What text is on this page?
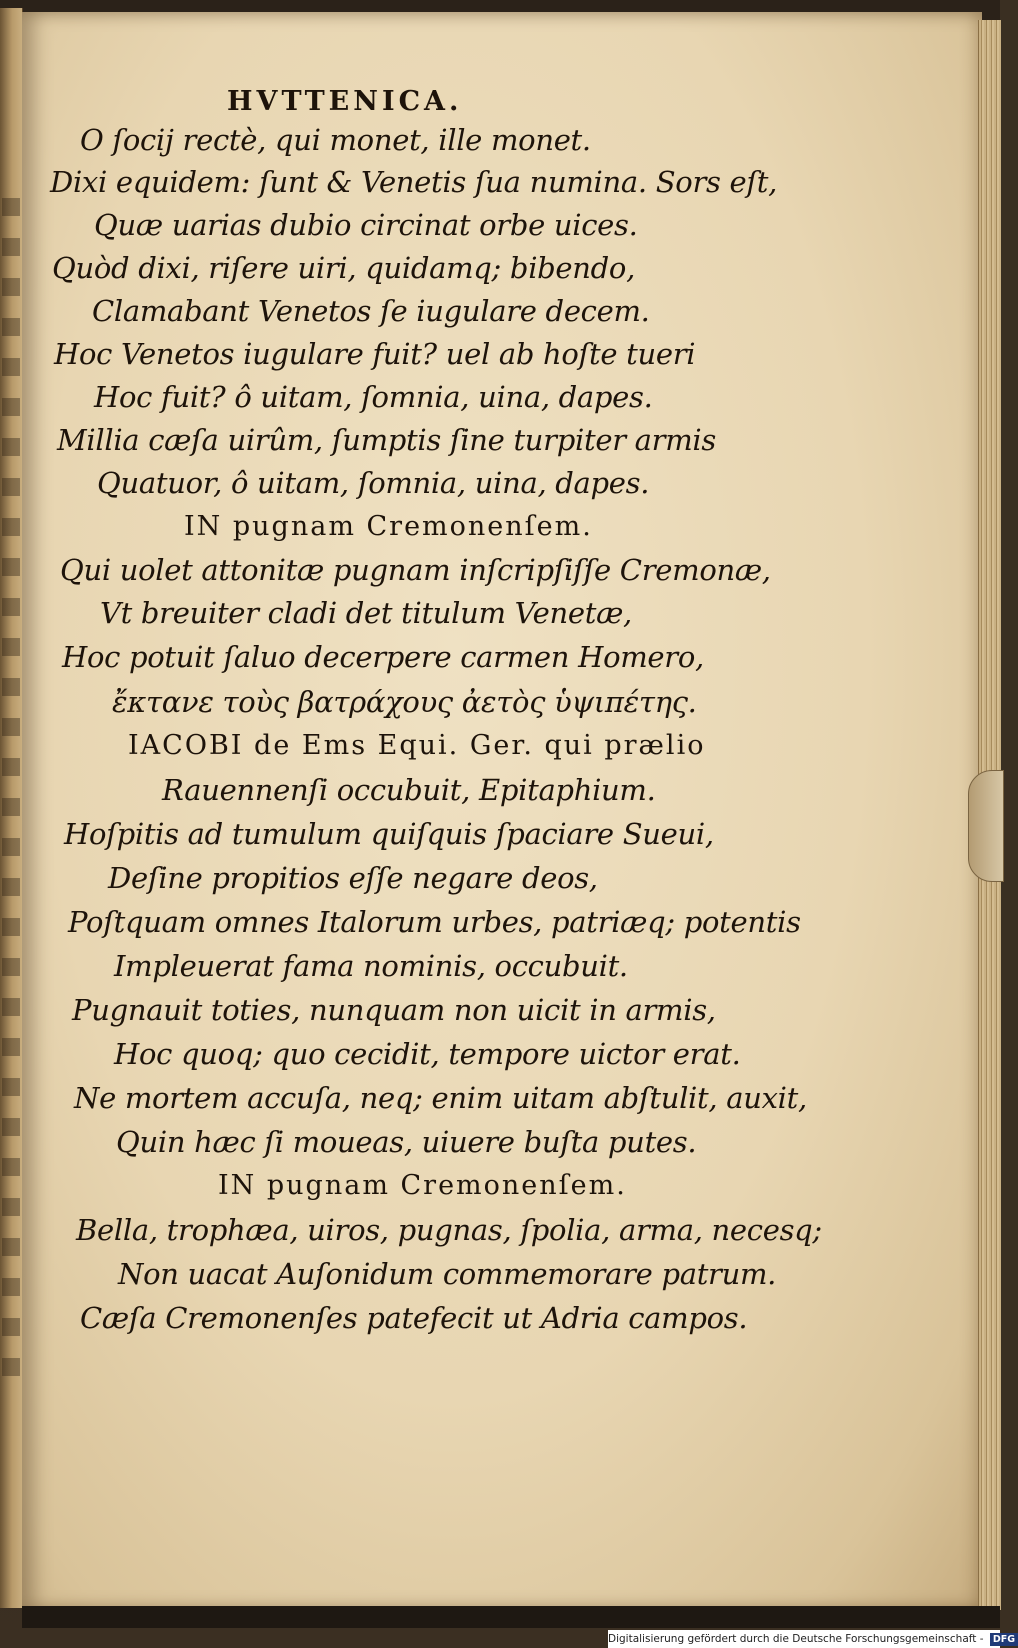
HVTTENICA.
O ſocij rectè, qui monet, ille monet.
Dixi equidem: ſunt & Venetis ſua numina. Sors eſt,
Quæ uarias dubio circinat orbe uices.
Quòd dixi, riſere uiri, quidamq; bibendo,
Clamabant Venetos ſe iugulare decem.
Hoc Venetos iugulare fuit? uel ab hoſte tueri
Hoc fuit? ô uitam, ſomnia, uina, dapes.
Millia cæſa uirûm, ſumptis ſine turpiter armis
Quatuor, ô uitam, ſomnia, uina, dapes.
IN pugnam Cremonenſem.
Qui uolet attonitæ pugnam inſcripſiſſe Cremonæ,
Vt breuiter cladi det titulum Venetæ,
Hoc potuit ſaluo decerpere carmen Homero,
ἔκτανε τοὺς βατράχους ἀετὸς ὑψιπέτης.
IACOBI de Ems Equi. Ger. qui prælio
Rauennenſi occubuit, Epitaphium.
Hoſpitis ad tumulum quiſquis ſpaciare Sueui,
Deſine propitios eſſe negare deos,
Poſtquam omnes Italorum urbes, patriæq; potentis
Impleuerat fama nominis, occubuit.
Pugnauit toties, nunquam non uicit in armis,
Hoc quoq; quo cecidit, tempore uictor erat.
Ne mortem accuſa, neq; enim uitam abſtulit, auxit,
Quin hæc ſi moueas, uiuere buſta putes.
IN pugnam Cremonenſem.
Bella, trophæa, uiros, pugnas, ſpolia, arma, necesq;
Non uacat Auſonidum commemorare patrum.
Cæſa Cremonenſes patefecit ut Adria campos.
Digitalisierung gefördert durch die Deutsche Forschungsgemeinschaft - DFG
